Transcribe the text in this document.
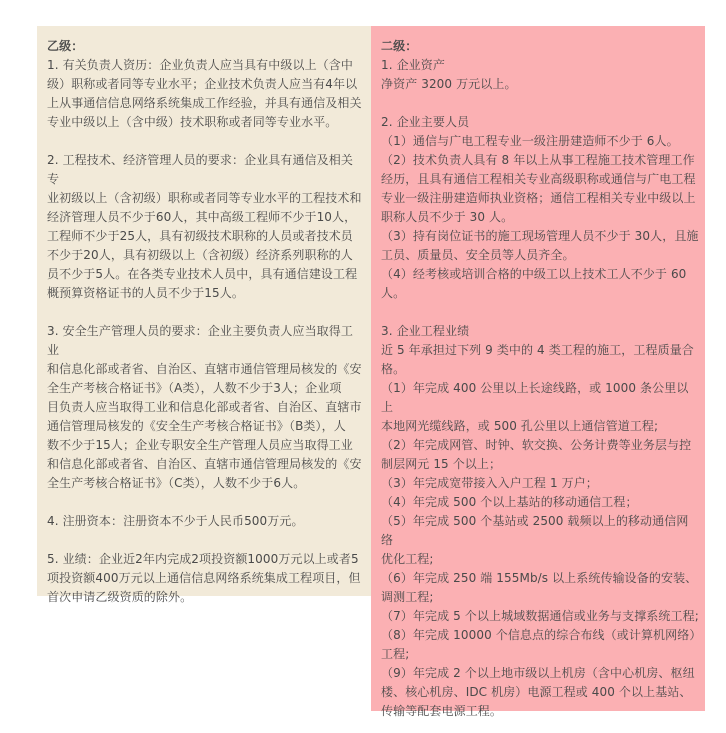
乙级：
1. 有关负责人资历：企业负责人应当具有中级以上（含中
级）职称或者同等专业水平；企业技术负责人应当有4年以
上从事通信信息网络系统集成工作经验，并具有通信及相关
专业中级以上（含中级）技术职称或者同等专业水平。
2. 工程技术、经济管理人员的要求：企业具有通信及相关专
业初级以上（含初级）职称或者同等专业水平的工程技术和
经济管理人员不少于60人，其中高级工程师不少于10人，
工程师不少于25人，具有初级技术职称的人员或者技术员
不少于20人，具有初级以上（含初级）经济系列职称的人
员不少于5人。在各类专业技术人员中，具有通信建设工程
概预算资格证书的人员不少于15人。
3. 安全生产管理人员的要求：企业主要负责人应当取得工业
和信息化部或者省、自治区、直辖市通信管理局核发的《安
全生产考核合格证书》（A类），人数不少于3人；企业项
目负责人应当取得工业和信息化部或者省、自治区、直辖市
通信管理局核发的《安全生产考核合格证书》（B类），人
数不少于15人；企业专职安全生产管理人员应当取得工业
和信息化部或者省、自治区、直辖市通信管理局核发的《安
全生产考核合格证书》（C类），人数不少于6人。
4. 注册资本：注册资本不少于人民币500万元。
5. 业绩：企业近2年内完成2项投资额1000万元以上或者5
项投资额400万元以上通信信息网络系统集成工程项目，但
首次申请乙级资质的除外。
二级：
1. 企业资产
净资产 3200 万元以上。
2. 企业主要人员
（1）通信与广电工程专业一级注册建造师不少于 6人。
（2）技术负责人具有 8 年以上从事工程施工技术管理工作
经历，且具有通信工程相关专业高级职称或通信与广电工程
专业一级注册建造师执业资格；通信工程相关专业中级以上
职称人员不少于 30 人。
（3）持有岗位证书的施工现场管理人员不少于 30人，且施
工员、质量员、安全员等人员齐全。
（4）经考核或培训合格的中级工以上技术工人不少于 60
人。
3. 企业工程业绩
近 5 年承担过下列 9 类中的 4 类工程的施工，工程质量合
格。
（1）年完成 400 公里以上长途线路，或 1000 条公里以上
本地网光缆线路，或 500 孔公里以上通信管道工程;
（2）年完成网管、时钟、软交换、公务计费等业务层与控
制层网元 15 个以上；
（3）年完成宽带接入入户工程 1 万户；
（4）年完成 500 个以上基站的移动通信工程；
（5）年完成 500 个基站或 2500 载频以上的移动通信网络
优化工程;
（6）年完成 250 端 155Mb/s 以上系统传输设备的安装、
调测工程;
（7）年完成 5 个以上城域数据通信或业务与支撑系统工程;
（8）年完成 10000 个信息点的综合布线（或计算机网络）
工程;
（9）年完成 2 个以上地市级以上机房（含中心机房、枢纽
楼、核心机房、IDC 机房）电源工程或 400 个以上基站、
传输等配套电源工程。
